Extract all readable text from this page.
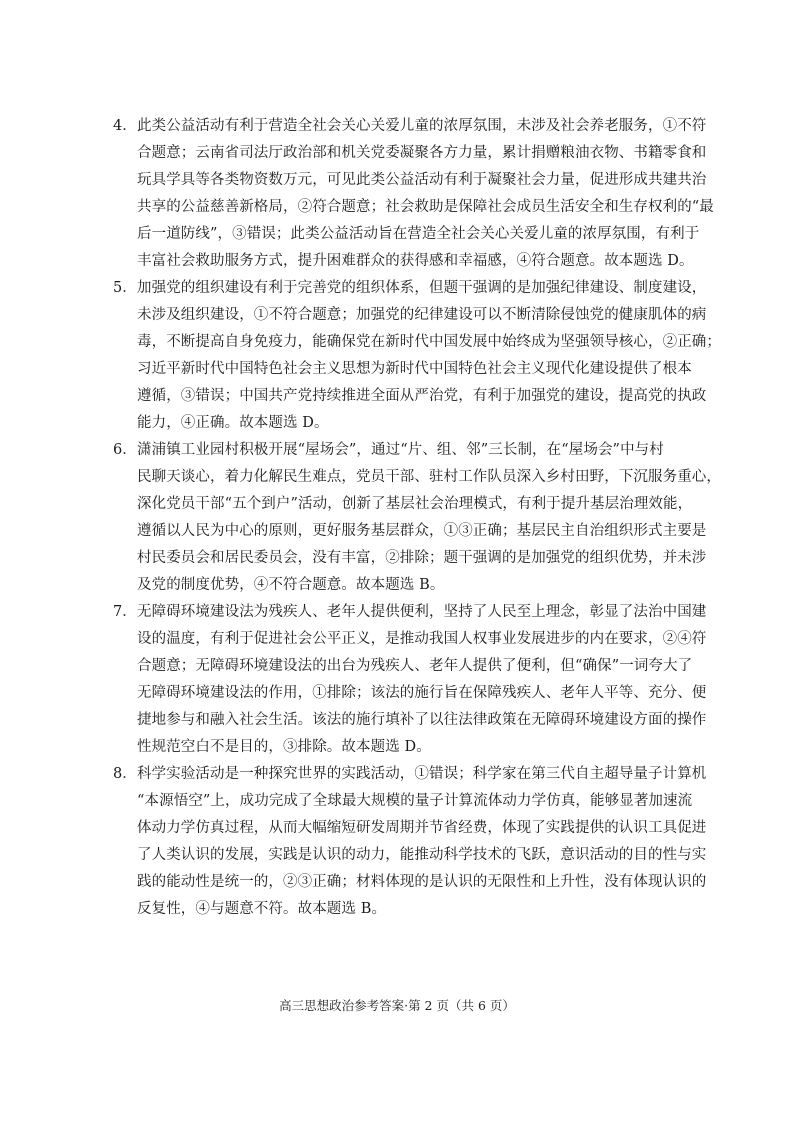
4． 此类公益活动有利于营造全社会关心关爱儿童的浓厚氛围，未涉及社会养老服务，①不符
合题意；云南省司法厅政治部和机关党委凝聚各方力量，累计捐赠粮油衣物、书籍零食和
玩具学具等各类物资数万元，可见此类公益活动有利于凝聚社会力量，促进形成共建共治
共享的公益慈善新格局，②符合题意；社会救助是保障社会成员生活安全和生存权利的“最
后一道防线”，③错误；此类公益活动旨在营造全社会关心关爱儿童的浓厚氛围，有利于
丰富社会救助服务方式，提升困难群众的获得感和幸福感，④符合题意。故本题选 D。
5． 加强党的组织建设有利于完善党的组织体系，但题干强调的是加强纪律建设、制度建设，
未涉及组织建设，①不符合题意；加强党的纪律建设可以不断清除侵蚀党的健康肌体的病
毒，不断提高自身免疫力，能确保党在新时代中国发展中始终成为坚强领导核心，②正确；
习近平新时代中国特色社会主义思想为新时代中国特色社会主义现代化建设提供了根本
遵循，③错误；中国共产党持续推进全面从严治党，有利于加强党的建设，提高党的执政
能力，④正确。故本题选 D。
6． 潇浦镇工业园村积极开展“屋场会”，通过“片、组、邻”三长制，在“屋场会”中与村
民聊天谈心，着力化解民生难点，党员干部、驻村工作队员深入乡村田野，下沉服务重心，
深化党员干部“五个到户”活动，创新了基层社会治理模式，有利于提升基层治理效能，
遵循以人民为中心的原则，更好服务基层群众，①③正确；基层民主自治组织形式主要是
村民委员会和居民委员会，没有丰富，②排除；题干强调的是加强党的组织优势，并未涉
及党的制度优势，④不符合题意。故本题选 B。
7． 无障碍环境建设法为残疾人、老年人提供便利，坚持了人民至上理念，彰显了法治中国建
设的温度，有利于促进社会公平正义，是推动我国人权事业发展进步的内在要求，②④符
合题意；无障碍环境建设法的出台为残疾人、老年人提供了便利，但“确保”一词夸大了
无障碍环境建设法的作用，①排除；该法的施行旨在保障残疾人、老年人平等、充分、便
捷地参与和融入社会生活。该法的施行填补了以往法律政策在无障碍环境建设方面的操作
性规范空白不是目的，③排除。故本题选 D。
8． 科学实验活动是一种探究世界的实践活动，①错误；科学家在第三代自主超导量子计算机
“本源悟空”上，成功完成了全球最大规模的量子计算流体动力学仿真，能够显著加速流
体动力学仿真过程，从而大幅缩短研发周期并节省经费，体现了实践提供的认识工具促进
了人类认识的发展，实践是认识的动力，能推动科学技术的飞跃，意识活动的目的性与实
践的能动性是统一的，②③正确；材料体现的是认识的无限性和上升性，没有体现认识的
反复性，④与题意不符。故本题选 B。
高三思想政治参考答案·第 2 页（共 6 页）
